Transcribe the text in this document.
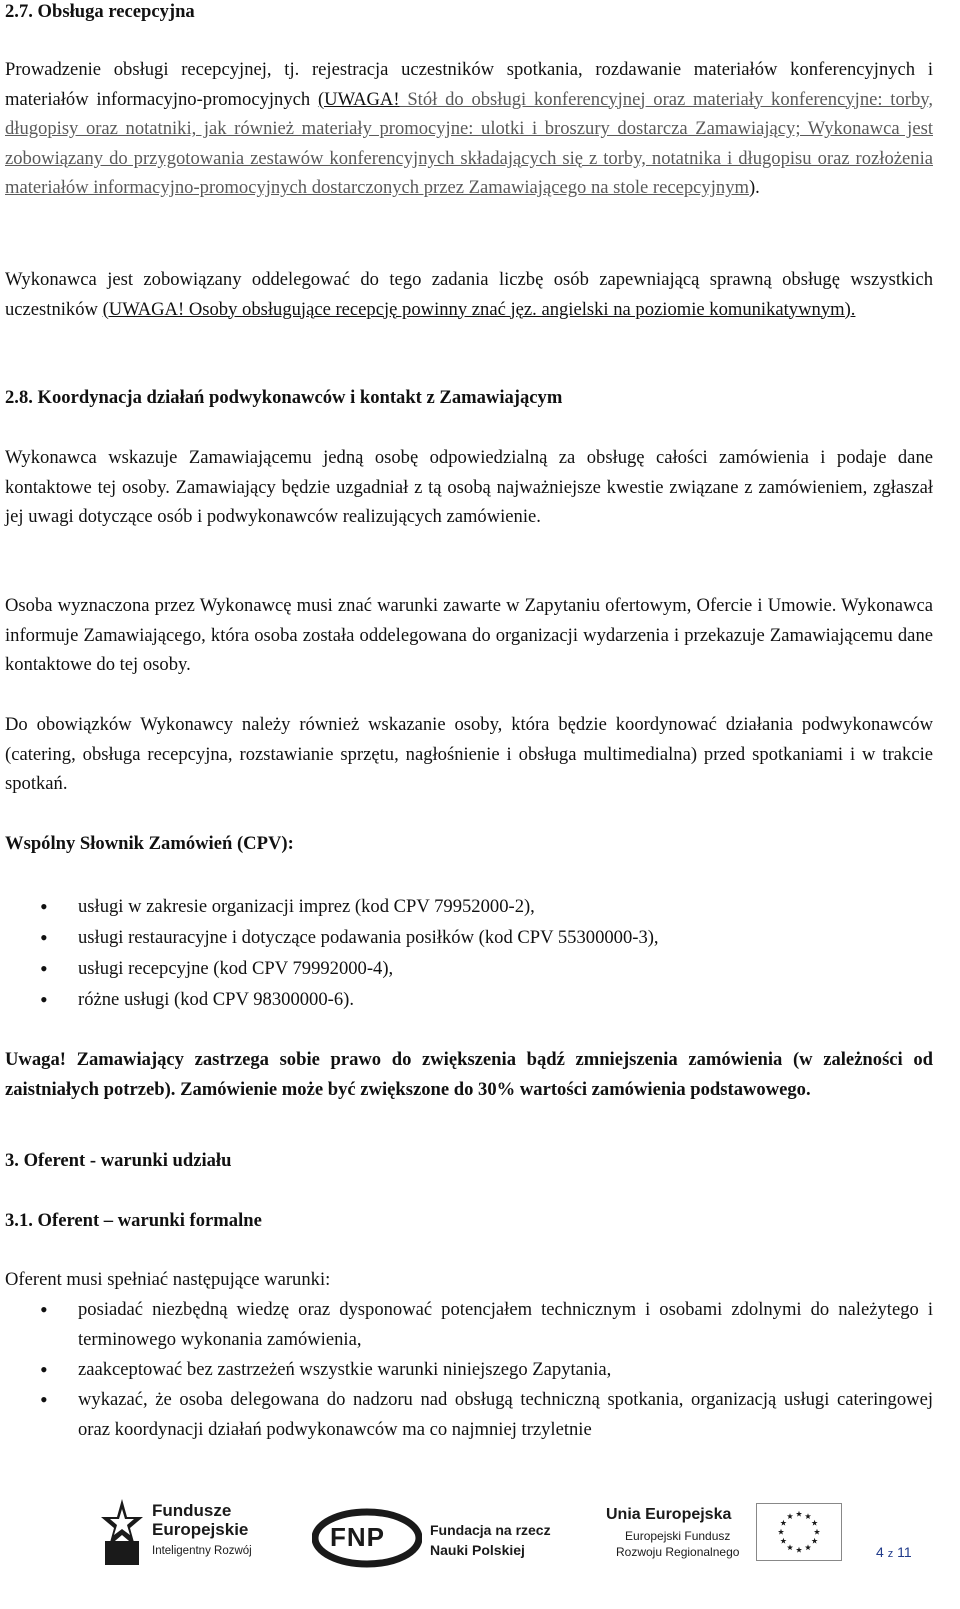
2.7. Obsługa recepcyjna

Prowadzenie obsługi recepcyjnej, tj. rejestracja uczestników spotkania, rozdawanie materiałów konferencyjnych i materiałów informacyjno-promocyjnych (UWAGA! Stół do obsługi konferencyjnej oraz materiały konferencyjne: torby, długopisy oraz notatniki, jak również materiały promocyjne: ulotki i broszury dostarcza Zamawiający; Wykonawca jest zobowiązany do przygotowania zestawów konferencyjnych składających się z torby, notatnika i długopisu oraz rozłożenia materiałów informacyjno-promocyjnych dostarczonych przez Zamawiającego na stole recepcyjnym).

Wykonawca jest zobowiązany oddelegować do tego zadania liczbę osób zapewniającą sprawną obsługę wszystkich uczestników (UWAGA! Osoby obsługujące recepcję powinny znać jęz. angielski na poziomie komunikatywnym).

2.8. Koordynacja działań podwykonawców i kontakt z Zamawiającym

Wykonawca wskazuje Zamawiającemu jedną osobę odpowiedzialną za obsługę całości zamówienia i podaje dane kontaktowe tej osoby. Zamawiający będzie uzgadniał z tą osobą najważniejsze kwestie związane z zamówieniem, zgłaszał jej uwagi dotyczące osób i podwykonawców realizujących zamówienie.

Osoba wyznaczona przez Wykonawcę musi znać warunki zawarte w Zapytaniu ofertowym, Ofercie i Umowie. Wykonawca informuje Zamawiającego, która osoba została oddelegowana do organizacji wydarzenia i przekazuje Zamawiającemu dane kontaktowe do tej osoby.

Do obowiązków Wykonawcy należy również wskazanie osoby, która będzie koordynować działania podwykonawców (catering, obsługa recepcyjna, rozstawianie sprzętu, nagłośnienie i obsługa multimedialna) przed spotkaniami i w trakcie spotkań.

Wspólny Słownik Zamówień (CPV):
• usługi w zakresie organizacji imprez (kod CPV 79952000-2),
• usługi restauracyjne i dotyczące podawania posiłków (kod CPV 55300000-3),
• usługi recepcyjne (kod CPV 79992000-4),
• różne usługi (kod CPV 98300000-6).

Uwaga! Zamawiający zastrzega sobie prawo do zwiększenia bądź zmniejszenia zamówienia (w zależności od zaistniałych potrzeb). Zamówienie może być zwiększone do 30% wartości zamówienia podstawowego.

3. Oferent - warunki udziału
3.1. Oferent – warunki formalne
Oferent musi spełniać następujące warunki:
• posiadać niezbędną wiedzę oraz dysponować potencjałem technicznym i osobami zdolnymi do należytego i terminowego wykonania zamówienia,
• zaakceptować bez zastrzeżeń wszystkie warunki niniejszego Zapytania,
• wykazać, że osoba delegowana do nadzoru nad obsługą techniczną spotkania, organizacją usługi cateringowej oraz koordynacji działań podwykonawców ma co najmniej trzyletnie
Fundusze
Europejskie
Inteligentny Rozwój	FNP	Fundacja na rzecz
Nauki Polskiej
Unia Europejska
Europejski Fundusz
Rozwoju Regionalnego	4 z 11
